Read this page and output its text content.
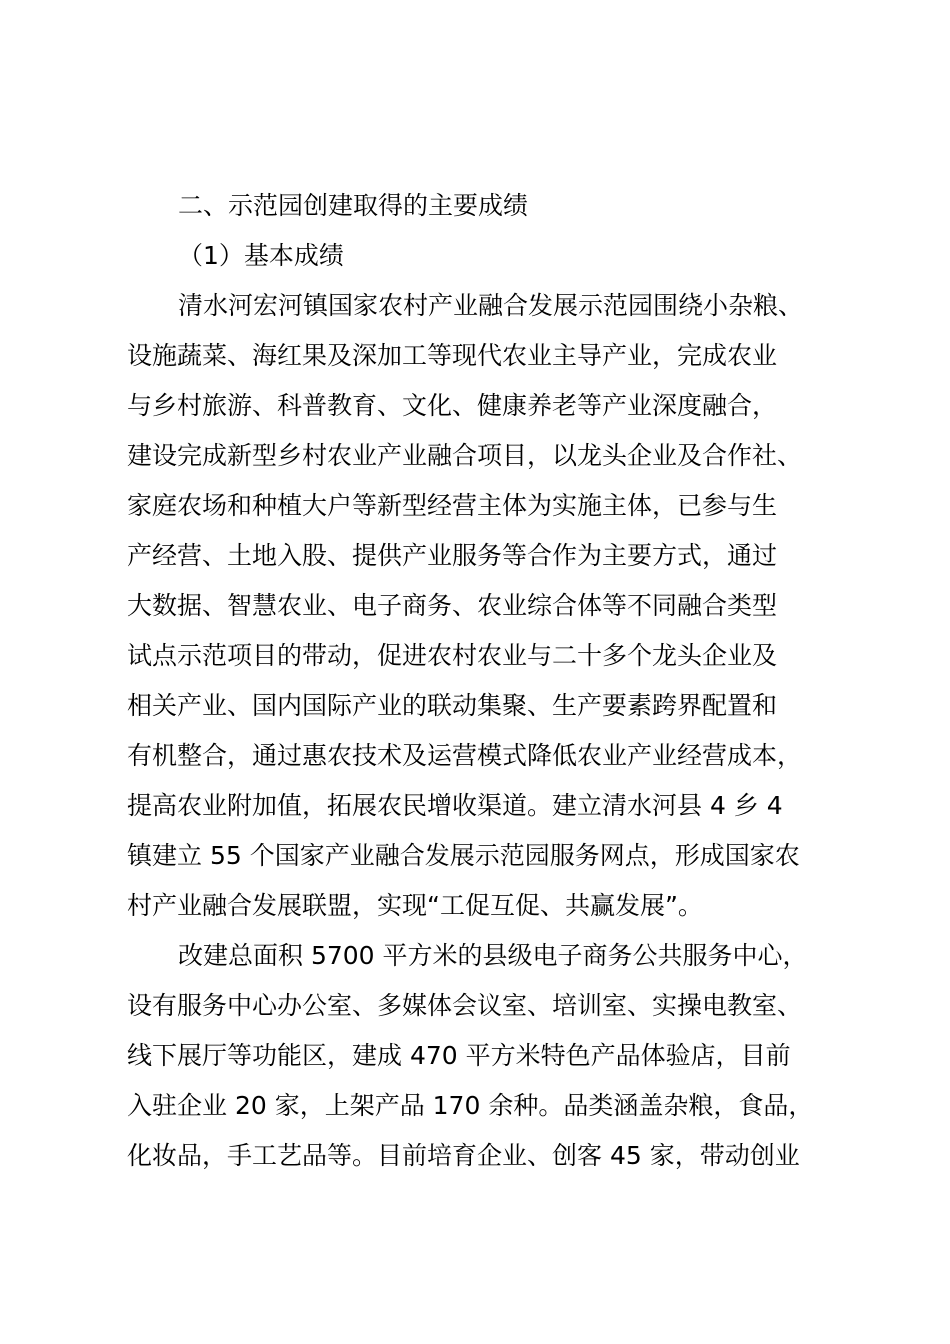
二、示范园创建取得的主要成绩
（1）基本成绩
清水河宏河镇国家农村产业融合发展示范园围绕小杂粮、
设施蔬菜、海红果及深加工等现代农业主导产业，完成农业
与乡村旅游、科普教育、文化、健康养老等产业深度融合，
建设完成新型乡村农业产业融合项目，以龙头企业及合作社、
家庭农场和种植大户等新型经营主体为实施主体，已参与生
产经营、土地入股、提供产业服务等合作为主要方式，通过
大数据、智慧农业、电子商务、农业综合体等不同融合类型
试点示范项目的带动，促进农村农业与二十多个龙头企业及
相关产业、国内国际产业的联动集聚、生产要素跨界配置和
有机整合，通过惠农技术及运营模式降低农业产业经营成本，
提高农业附加值，拓展农民增收渠道。建立清水河县 4 乡 4
镇建立 55 个国家产业融合发展示范园服务网点，形成国家农
村产业融合发展联盟，实现“工促互促、共赢发展”。
改建总面积 5700 平方米的县级电子商务公共服务中心，
设有服务中心办公室、多媒体会议室、培训室、实操电教室、
线下展厅等功能区，建成 470 平方米特色产品体验店，目前
入驻企业 20 家，上架产品 170 余种。品类涵盖杂粮，食品，
化妆品，手工艺品等。目前培育企业、创客 45 家，带动创业
